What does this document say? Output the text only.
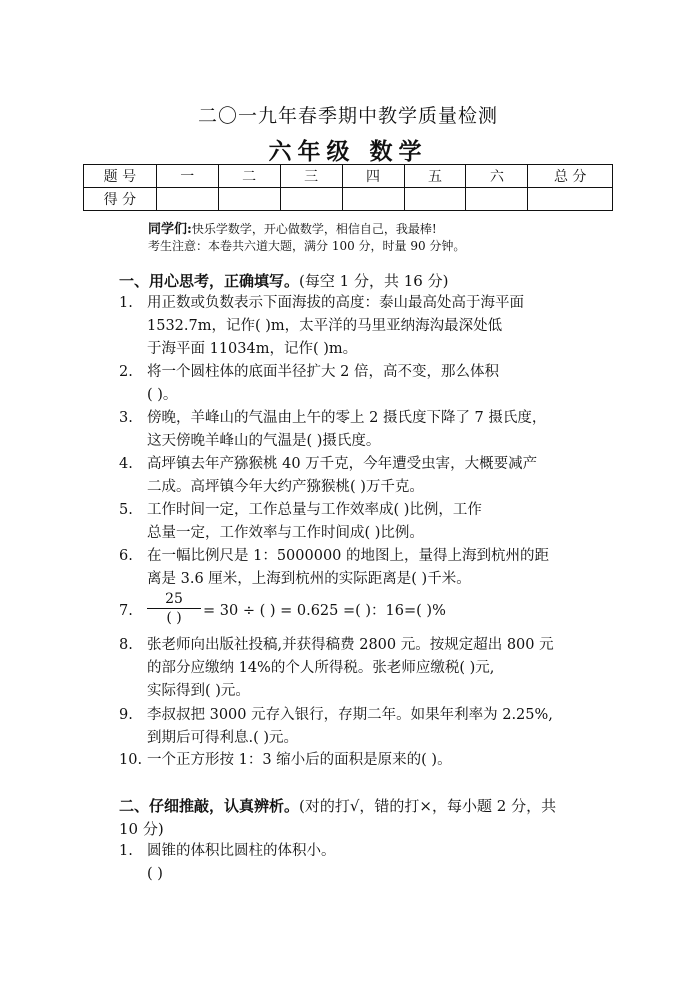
二〇一九年春季期中教学质量检测
六年级 数学
题 号	一	二	三	四	五	六	总 分
得 分							
同学们:快乐学数学，开心做数学，相信自己，我最棒!
考生注意：本卷共六道大题，满分 100 分，时量 90 分钟。
一、用心思考，正确填写。(每空 1 分，共 16 分)
1. 用正数或负数表示下面海拔的高度：泰山最高处高于海平面
1532.7m，记作( )m，太平洋的马里亚纳海沟最深处低
于海平面 11034m，记作( )m。
2. 将一个圆柱体的底面半径扩大 2 倍，高不变，那么体积
( )。
3. 傍晚，羊峰山的气温由上午的零上 2 摄氏度下降了 7 摄氏度，
这天傍晚羊峰山的气温是( )摄氏度。
4. 高坪镇去年产猕猴桃 40 万千克，今年遭受虫害，大概要减产
二成。高坪镇今年大约产猕猴桃( )万千克。
5. 工作时间一定，工作总量与工作效率成( )比例，工作
总量一定，工作效率与工作时间成( )比例。
6. 在一幅比例尺是 1：5000000 的地图上，量得上海到杭州的距
离是 3.6 厘米，上海到杭州的实际距离是( )千米。
7.
25
( )	= 30 ÷ ( ) = 0.625 =( )：16=( )%
8. 张老师向出版社投稿,并获得稿费 2800 元。按规定超出 800 元
的部分应缴纳 14%的个人所得税。张老师应缴税( )元,
实际得到( )元。
9. 李叔叔把 3000 元存入银行，存期二年。如果年利率为 2.25%,
到期后可得利息.( )元。
10. 一个正方形按 1：3 缩小后的面积是原来的( )。
二、仔细推敲，认真辨析。(对的打√，错的打×，每小题 2 分，共
10 分)
1. 圆锥的体积比圆柱的体积小。
( )
